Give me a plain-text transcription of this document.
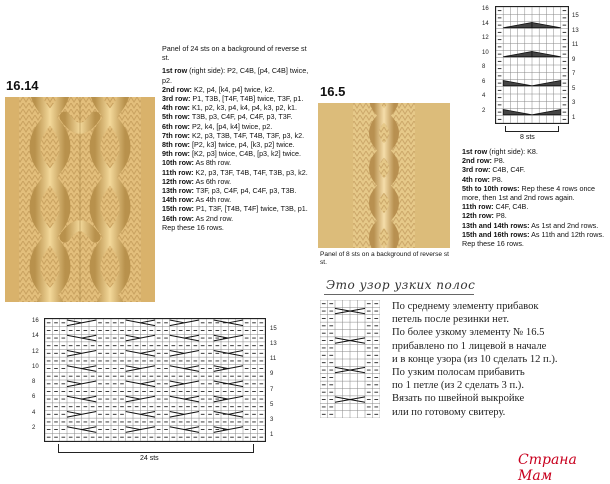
16.14
Panel of 24 sts on a background of reverse st st.
1st row (right side): P2, C4B, [p4, C4B] twice, p2.
2nd row: K2, p4, [k4, p4] twice, k2.
3rd row: P1, T3B, [T4F, T4B] twice, T3F, p1.
4th row: K1, p2, k3, p4, k4, p4, k3, p2, k1.
5th row: T3B, p3, C4F, p4, C4F, p3, T3F.
6th row: P2, k4, [p4, k4] twice, p2.
7th row: K2, p3, T3B, T4F, T4B, T3F, p3, k2.
8th row: [P2, k3] twice, p4, [k3, p2] twice.
9th row: [K2, p3] twice, C4B, [p3, k2] twice.
10th row: As 8th row.
11th row: K2, p3, T3F, T4B, T4F, T3B, p3, k2.
12th row: As 6th row.
13th row: T3F, p3, C4F, p4, C4F, p3, T3B.
14th row: As 4th row.
15th row: P1, T3F, [T4B, T4F] twice, T3B, p1.
16th row: As 2nd row.
Rep these 16 rows.
16
14
12
10
8
6
4
2
15
13
11
9
7
5
3
1
24 sts
16.5
Panel of 8 sts on a background of reverse st st.
16
14
12
10
8
6
4
2
15
13
11
9
7
5
3
1
8 sts
1st row (right side): K8.
2nd row: P8.
3rd row: C4B, C4F.
4th row: P8.
5th to 10th rows: Rep these 4 rows once more, then 1st and 2nd rows again.
11th row: C4F, C4B.
12th row: P8.
13th and 14th rows: As 1st and 2nd rows.
15th and 16th rows: As 11th and 12th rows.
Rep these 16 rows.
Это узор узких полос
По среднему элементу прибавок
петель после резинки нет.
По более узкому элементу № 16.5
прибавлено по 1 лицевой в начале
и в конце узора (из 10 сделать 12 п.).
По узким полосам прибавить
по 1 петле (из 2 сделать 3 п.).
Вязать по швейной выкройке
или по готовому свитеру.
Страна Мам
